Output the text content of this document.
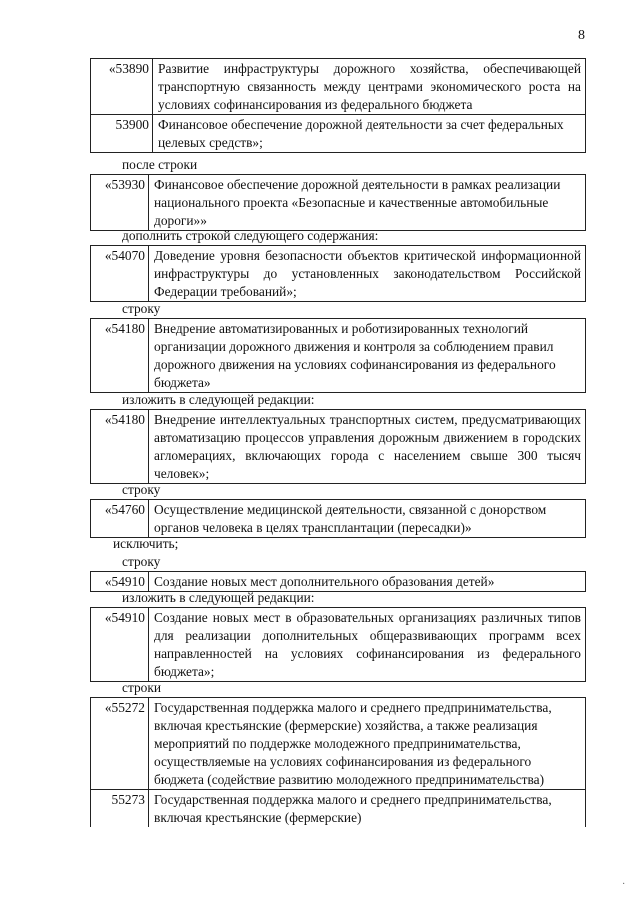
8
«53890 Развитие инфраструктуры дорожного хозяйства, обеспечивающей транспортную связанность между центрами экономического роста на условиях софинансирования из федерального бюджета
53900 Финансовое обеспечение дорожной деятельности за счет федеральных целевых средств»;
после строки
«53930 Финансовое обеспечение дорожной деятельности в рамках реализации национального проекта «Безопасные и качественные автомобильные дороги»»
дополнить строкой следующего содержания:
«54070 Доведение уровня безопасности объектов критической информационной инфраструктуры до установленных законодательством Российской Федерации требований»;
строку
«54180 Внедрение автоматизированных и роботизированных технологий организации дорожного движения и контроля за соблюдением правил дорожного движения на условиях софинансирования из федерального бюджета»
изложить в следующей редакции:
«54180 Внедрение интеллектуальных транспортных систем, предусматривающих автоматизацию процессов управления дорожным движением в городских агломерациях, включающих города с населением свыше 300 тысяч человек»;
строку
«54760 Осуществление медицинской деятельности, связанной с донорством органов человека в целях трансплантации (пересадки)»
исключить;
строку
«54910 Создание новых мест дополнительного образования детей»
изложить в следующей редакции:
«54910 Создание новых мест в образовательных организациях различных типов для реализации дополнительных общеразвивающих программ всех направленностей на условиях софинансирования из федерального бюджета»;
строки
«55272 Государственная поддержка малого и среднего предпринимательства, включая крестьянские (фермерские) хозяйства, а также реализация мероприятий по поддержке молодежного предпринимательства, осуществляемые на условиях софинансирования из федерального бюджета (содействие развитию молодежного предпринимательства)
55273 Государственная поддержка малого и среднего предпринимательства, включая крестьянские (фермерские)
·
